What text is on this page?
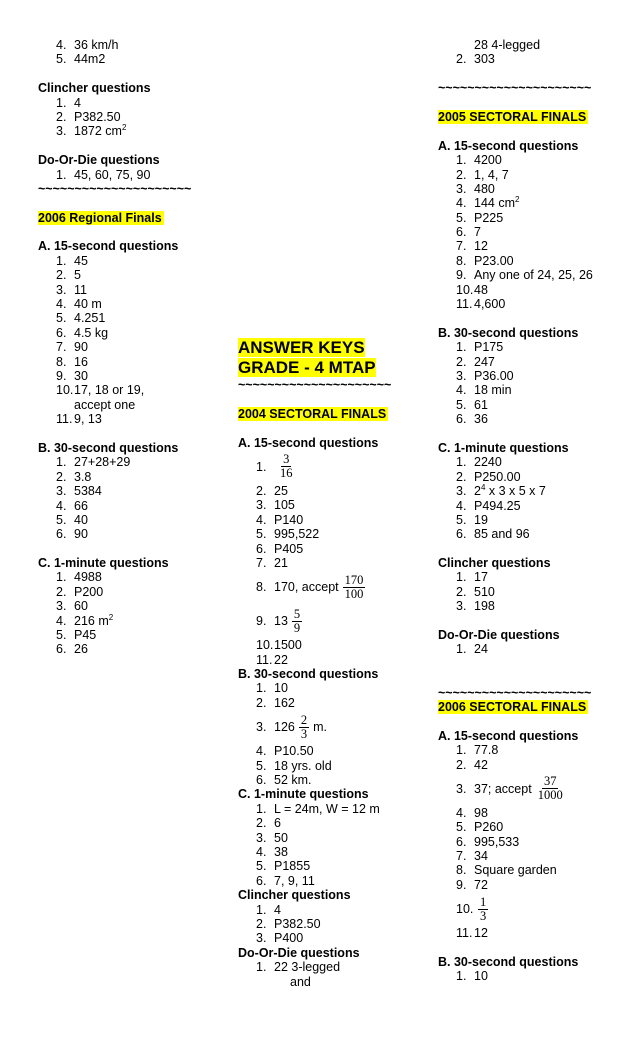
4. 36 km/h
5. 44m2
Clincher questions
1. 4
2. P382.50
3. 1872 $cm^2$
Do-Or-Die questions
1. 45, 60, 75, 90
~~~~~~~~~~~~~~~~~~~~~
2006 Regional Finals
A. 15-second questions
1. 45
2. 5
3. 11
4. 40 m
5. 4.251
6. 4.5 kg
7. 90
8. 16
9. 30
10.17, 18 or 19,
accept one
11. 9, 13
B. 30-second questions
1. 27+28+29
2. 3.8
3. 5384
4. 66
5. 40
6. 90
C. 1-minute questions
1. 4988
2. P200
3. 60
4. 216 $m^2$
5. P45
6. 26
ANSWER KEYS
GRADE - 4 MTAP
~~~~~~~~~~~~~~~~~~~~~
2004 SECTORAL FINALS
A. 15-second questions
1. $\frac{3}{16}$
2. 25
3. 105
4. P140
5. 995,522
6. P405
7. 21
8. 170, accept $\frac{170}{100}$
9. $13 \frac{5}{9}$
10.1500
11. 22
B. 30-second questions
1. 10
2. 162
3. $126 \frac{2}{3} m$.
4. P10.50
5. 18 yrs. old
6. 52 km.
C. 1-minute questions
1. L = 24m, W = 12 m
2. 6
3. 50
4. 38
5. P1855
6. 7, 9, 11
Clincher questions
1. 4
2. P382.50
3. P400
Do-Or-Die questions
1. 22 3-legged
and
28 4-legged
2. 303
~~~~~~~~~~~~~~~~~~~~~
2005 SECTORAL FINALS
A. 15-second questions
1. 4200
2. 1, 4, 7
3. 480
4. 144 $cm^2$
5. P225
6. 7
7. 12
8. P23.00
9. Any one of 24, 25, 26
10.48
11. 4,600
B. 30-second questions
1. P175
2. 247
3. P36.00
4. 18 min
5. 61
6. 36
C. 1-minute questions
1. 2240
2. P250.00
3. $2^4$ x 3 x 5 x 7
4. P494.25
5. 19
6. 85 and 96
Clincher questions
1. 17
2. 510
3. 198
Do-Or-Die questions
1. 24
~~~~~~~~~~~~~~~~~~~~~
2006 SECTORAL FINALS
A. 15-second questions
1. 77.8
2. 42
3. 37; accept $\frac{37}{1000}$
4. 98
5. P260
6. 995,533
7. 34
8. Square garden
9. 72
10. $\frac{1}{3}$
11. 12
B. 30-second questions
1. 10
